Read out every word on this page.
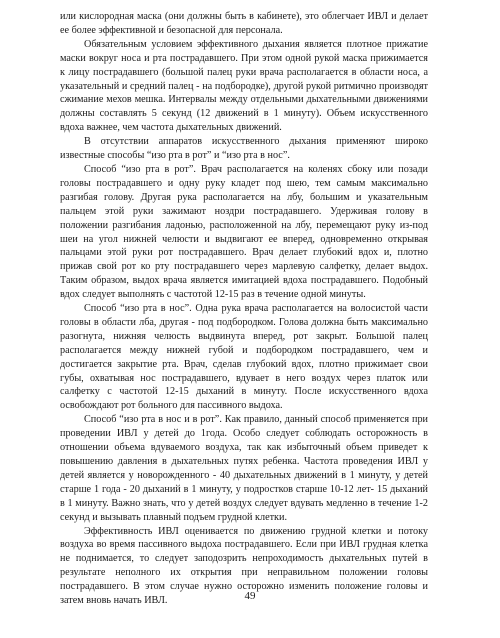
или кислородная маска (они должны быть в кабинете), это облегчает ИВЛ и делает ее более эффективной и безопасной для персонала.

Обязательным условием эффективного дыхания является плотное прижатие маски вокруг носа и рта пострадавшего. При этом одной рукой маска прижимается к лицу пострадавшего (большой палец руки врача располагается в области носа, а указательный и средний палец - на подбородке), другой рукой ритмично производят сжимание мехов мешка. Интервалы между отдельными дыхательными движениями должны составлять 5 секунд (12 движений в 1 минуту). Объем искусственного вдоха важнее, чем частота дыхательных движений.

В отсутствии аппаратов искусственного дыхания применяют широко известные способы “изо рта в рот” и “изо рта в нос”.

Способ “изо рта в рот”. Врач располагается на коленях сбоку или позади головы пострадавшего и одну руку кладет под шею, тем самым максимально разгибая голову. Другая рука располагается на лбу, большим и указательным пальцем этой руки зажимают ноздри пострадавшего. Удерживая голову в положении разгибания ладонью, расположенной на лбу, перемещают руку из-под шеи на угол нижней челюсти и выдвигают ее вперед, одновременно открывая пальцами этой руки рот пострадавшего. Врач делает глубокий вдох и, плотно прижав свой рот ко рту пострадавшего через марлевую салфетку, делает выдох. Таким образом, выдох врача является имитацией вдоха пострадавшего. Подобный вдох следует выполнять с частотой 12-15 раз в течение одной минуты.

Способ “изо рта в нос”. Одна рука врача располагается на волосистой части головы в области лба, другая - под подбородком. Голова должна быть максимально разогнута, нижняя челюсть выдвинута вперед, рот закрыт. Большой палец располагается между нижней губой и подбородком пострадавшего, чем и достигается закрытие рта. Врач, сделав глубокий вдох, плотно прижимает свои губы, охватывая нос пострадавшего, вдувает в него воздух через платок или салфетку с частотой 12-15 дыханий в минуту. После искусственного вдоха освобождают рот больного для пассивного выдоха.

Способ “изо рта в нос и в рот”. Как правило, данный способ применяется при проведении ИВЛ у детей до 1года. Особо следует соблюдать осторожность в отношении объема вдуваемого воздуха, так как избыточный объем приведет к повышению давления в дыхательных путях ребенка. Частота проведения ИВЛ у детей является у новорожденного - 40 дыхательных движений в 1 минуту, у детей старше 1 года - 20 дыханий в 1 минуту, у подростков старше 10-12 лет- 15 дыханий в 1 минуту. Важно знать, что у детей воздух следует вдувать медленно в течение 1-2 секунд и вызывать плавный подъем грудной клетки.

Эффективность ИВЛ оценивается по движению грудной клетки и потоку воздуха во время пассивного выдоха пострадавшего. Если при ИВЛ грудная клетка не поднимается, то следует заподозрить непроходимость дыхательных путей в результате неполного их открытия при неправильном положении головы пострадавшего. В этом случае нужно осторожно изменить положение головы и затем вновь начать ИВЛ.	49
